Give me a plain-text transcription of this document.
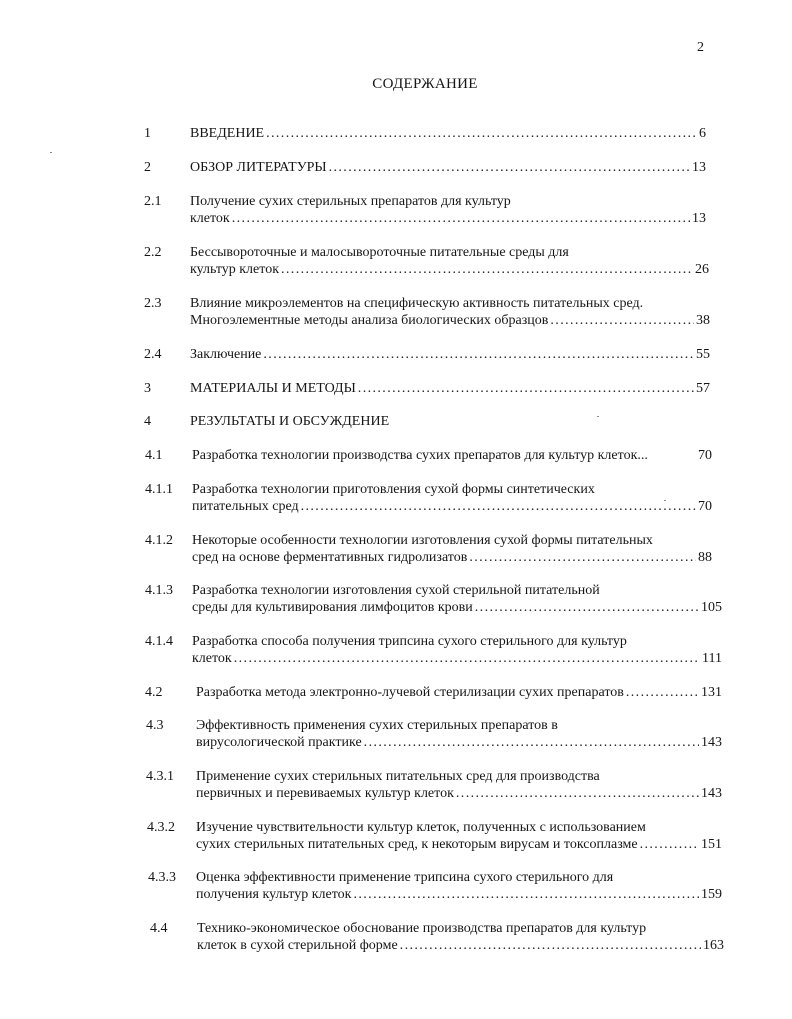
2
СОДЕРЖАНИЕ
1	ВВЕДЕНИЕ .....	6
2	ОБЗОР ЛИТЕРАТУРЫ .....	13
2.1 Получение сухих стерильных препаратов для культур
клеток .....	13
2.2 Бессывороточные и малосывороточные питательные среды для
культур клеток .....	26
2.3 Влияние микроэлементов на специфическую активность питательных сред.
Многоэлементные методы анализа биологических образцов .....	38
2.4 Заключение .....	55
3	МАТЕРИАЛЫ И МЕТОДЫ .....	57
4	РЕЗУЛЬТАТЫ И ОБСУЖДЕНИЕ
4.1 Разработка технологии производства сухих препаратов для культур клеток...	70
4.1.1 Разработка технологии приготовления сухой формы синтетических
питательных сред .....	70
4.1.2 Некоторые особенности технологии изготовления сухой формы питательных
сред на основе ферментативных гидролизатов .....	88
4.1.3 Разработка технологии изготовления сухой стерильной питательной
среды для культивирования лимфоцитов крови .....	105
4.1.4 Разработка способа получения трипсина сухого стерильного для культур
клеток .....	111
4.2 Разработка метода электронно-лучевой стерилизации сухих препаратов .....	131
4.3 Эффективность применения сухих стерильных препаратов в
вирусологической практике .....	143
4.3.1 Применение сухих стерильных питательных сред для производства
первичных и перевиваемых культур клеток .....	143
4.3.2 Изучение чувствительности культур клеток, полученных с использованием
сухих стерильных питательных сред, к некоторым вирусам и токсоплазме .....	151
4.3.3 Оценка эффективности применение трипсина сухого стерильного для
получения культур клеток .....	159
4.4 Технико-экономическое обоснование производства препаратов для культур
клеток в сухой стерильной форме .....	163
